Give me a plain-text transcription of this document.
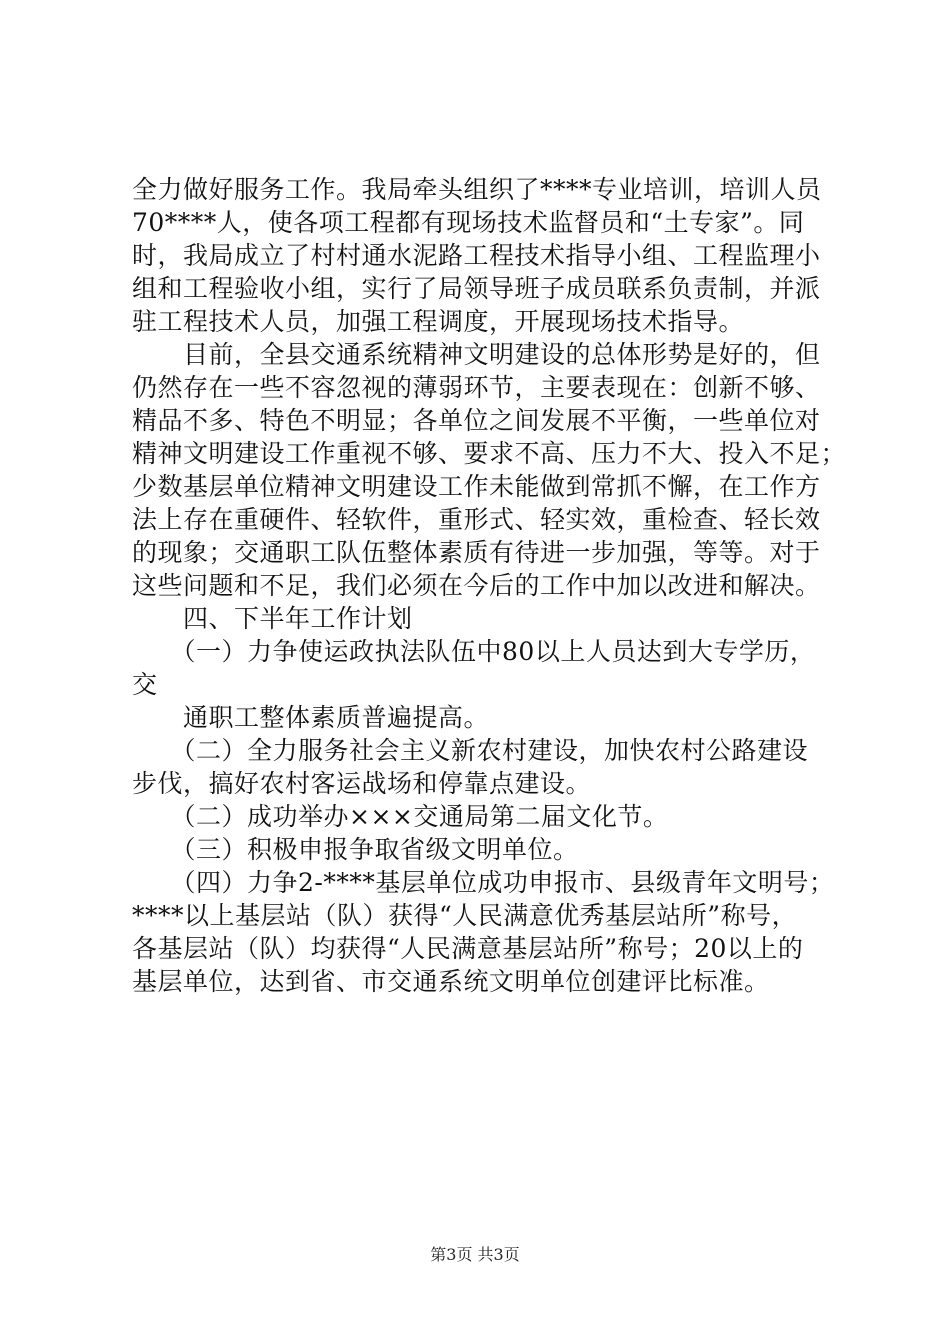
全力做好服务工作。我局牵头组织了****专业培训，培训人员
70****人，使各项工程都有现场技术监督员和“土专家”。同
时，我局成立了村村通水泥路工程技术指导小组、工程监理小
组和工程验收小组，实行了局领导班子成员联系负责制，并派
驻工程技术人员，加强工程调度，开展现场技术指导。
　　目前，全县交通系统精神文明建设的总体形势是好的，但
仍然存在一些不容忽视的薄弱环节，主要表现在：创新不够、
精品不多、特色不明显；各单位之间发展不平衡，一些单位对
精神文明建设工作重视不够、要求不高、压力不大、投入不足；
少数基层单位精神文明建设工作未能做到常抓不懈，在工作方
法上存在重硬件、轻软件，重形式、轻实效，重检查、轻长效
的现象；交通职工队伍整体素质有待进一步加强，等等。对于
这些问题和不足，我们必须在今后的工作中加以改进和解决。
　　四、下半年工作计划
　　（一）力争使运政执法队伍中80以上人员达到大专学历，
交
　　通职工整体素质普遍提高。
　　（二）全力服务社会主义新农村建设，加快农村公路建设
步伐，搞好农村客运战场和停靠点建设。
　　（二）成功举办×××交通局第二届文化节。
　　（三）积极申报争取省级文明单位。
　　（四）力争2-****基层单位成功申报市、县级青年文明号；
****以上基层站（队）获得“人民满意优秀基层站所”称号，
各基层站（队）均获得“人民满意基层站所”称号；20以上的
基层单位，达到省、市交通系统文明单位创建评比标准。
第3页 共3页
